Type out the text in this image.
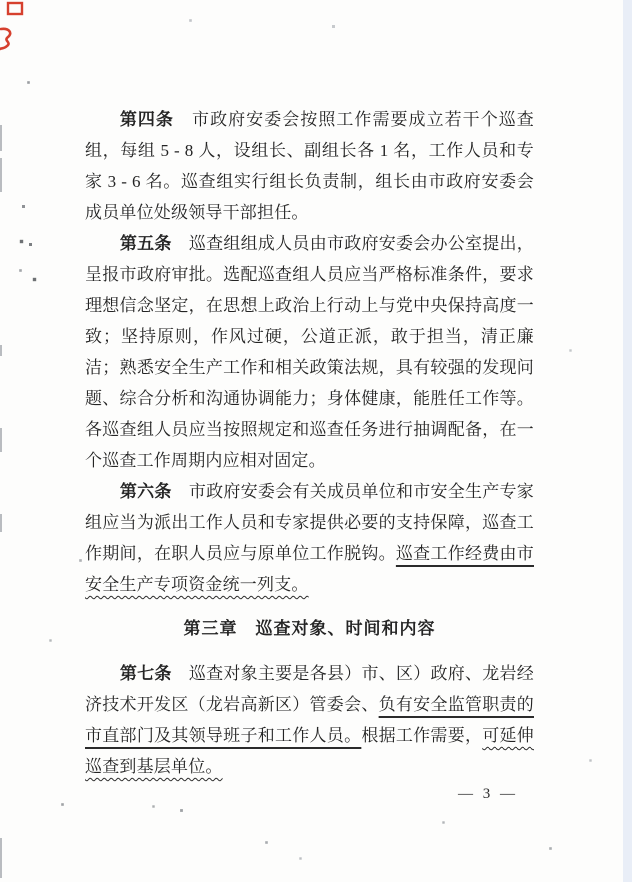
第四条　市政府安委会按照工作需要成立若干个巡查组，每组 5 - 8 人，设组长、副组长各 1 名，工作人员和专家 3 - 6 名。巡查组实行组长负责制，组长由市政府安委会成员单位处级领导干部担任。

第五条　巡查组组成人员由市政府安委会办公室提出，呈报市政府审批。选配巡查组人员应当严格标准条件，要求理想信念坚定，在思想上政治上行动上与党中央保持高度一致；坚持原则，作风过硬，公道正派，敢于担当，清正廉洁；熟悉安全生产工作和相关政策法规，具有较强的发现问题、综合分析和沟通协调能力；身体健康，能胜任工作等。各巡查组人员应当按照规定和巡查任务进行抽调配备，在一个巡查工作周期内应相对固定。

第六条　市政府安委会有关成员单位和市安全生产专家组应当为派出工作人员和专家提供必要的支持保障，巡查工作期间，在职人员应与原单位工作脱钩。巡查工作经费由市安全生产专项资金统一列支。

第三章　巡查对象、时间和内容

第七条　巡查对象主要是各县）市、区）政府、龙岩经济技术开发区（龙岩高新区）管委会、负有安全监管职责的市直部门及其领导班子和工作人员。根据工作需要，可延伸巡查到基层单位。

— 3 —
